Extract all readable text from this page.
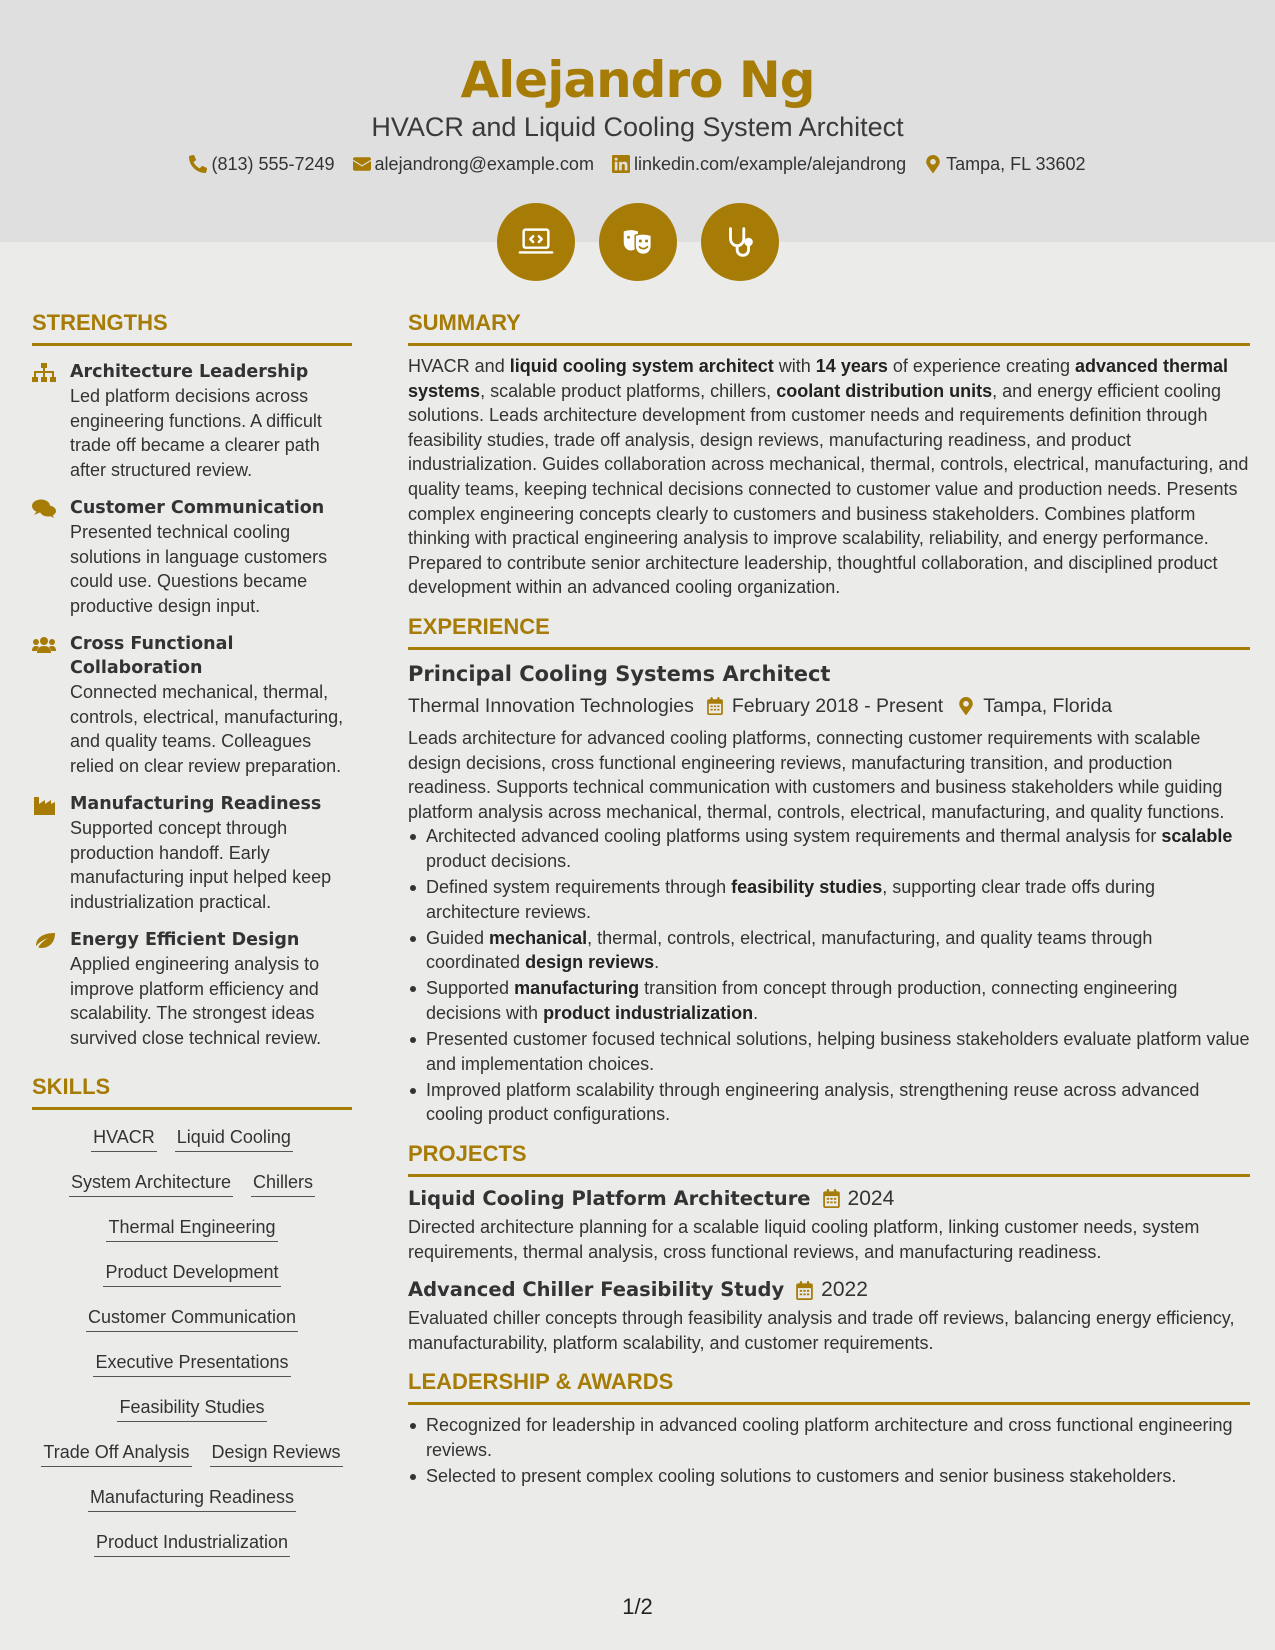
Alejandro Ng
HVACR and Liquid Cooling System Architect
(813) 555-7249 alejandrong@example.com linkedin.com/example/alejandrong Tampa, FL 33602
STRENGTHS
Architecture Leadership
Led platform decisions across engineering functions. A difficult trade off became a clearer path after structured review.
Customer Communication
Presented technical cooling solutions in language customers could use. Questions became productive design input.
Cross Functional Collaboration
Connected mechanical, thermal, controls, electrical, manufacturing, and quality teams. Colleagues relied on clear review preparation.
Manufacturing Readiness
Supported concept through production handoff. Early manufacturing input helped keep industrialization practical.
Energy Efficient Design
Applied engineering analysis to improve platform efficiency and scalability. The strongest ideas survived close technical review.
SKILLS
HVACR Liquid Cooling
System Architecture Chillers
Thermal Engineering
Product Development
Customer Communication
Executive Presentations
Feasibility Studies
Trade Off Analysis Design Reviews
Manufacturing Readiness
Product Industrialization
SUMMARY

HVACR and liquid cooling system architect with 14 years of experience creating advanced thermal systems, scalable product platforms, chillers, coolant distribution units, and energy efficient cooling solutions. Leads architecture development from customer needs and requirements definition through feasibility studies, trade off analysis, design reviews, manufacturing readiness, and product industrialization. Guides collaboration across mechanical, thermal, controls, electrical, manufacturing, and quality teams, keeping technical decisions connected to customer value and production needs. Presents complex engineering concepts clearly to customers and business stakeholders. Combines platform thinking with practical engineering analysis to improve scalability, reliability, and energy performance. Prepared to contribute senior architecture leadership, thoughtful collaboration, and disciplined product development within an advanced cooling organization.

EXPERIENCE
Principal Cooling Systems Architect
Thermal Innovation Technologies February 2018 - Present Tampa, Florida

Leads architecture for advanced cooling platforms, connecting customer requirements with scalable design decisions, cross functional engineering reviews, manufacturing transition, and production readiness. Supports technical communication with customers and business stakeholders while guiding platform analysis across mechanical, thermal, controls, electrical, manufacturing, and quality functions.

Architected advanced cooling platforms using system requirements and thermal analysis for scalable product decisions.
Defined system requirements through feasibility studies, supporting clear trade offs during architecture reviews.
Guided mechanical, thermal, controls, electrical, manufacturing, and quality teams through coordinated design reviews.
Supported manufacturing transition from concept through production, connecting engineering decisions with product industrialization.
Presented customer focused technical solutions, helping business stakeholders evaluate platform value and implementation choices.
Improved platform scalability through engineering analysis, strengthening reuse across advanced cooling product configurations.
PROJECTS
Liquid Cooling Platform Architecture 2024

Directed architecture planning for a scalable liquid cooling platform, linking customer needs, system requirements, thermal analysis, cross functional reviews, and manufacturing readiness.

Advanced Chiller Feasibility Study 2022

Evaluated chiller concepts through feasibility analysis and trade off reviews, balancing energy efficiency, manufacturability, platform scalability, and customer requirements.

LEADERSHIP & AWARDS
Recognized for leadership in advanced cooling platform architecture and cross functional engineering reviews.
Selected to present complex cooling solutions to customers and senior business stakeholders.
1/2
